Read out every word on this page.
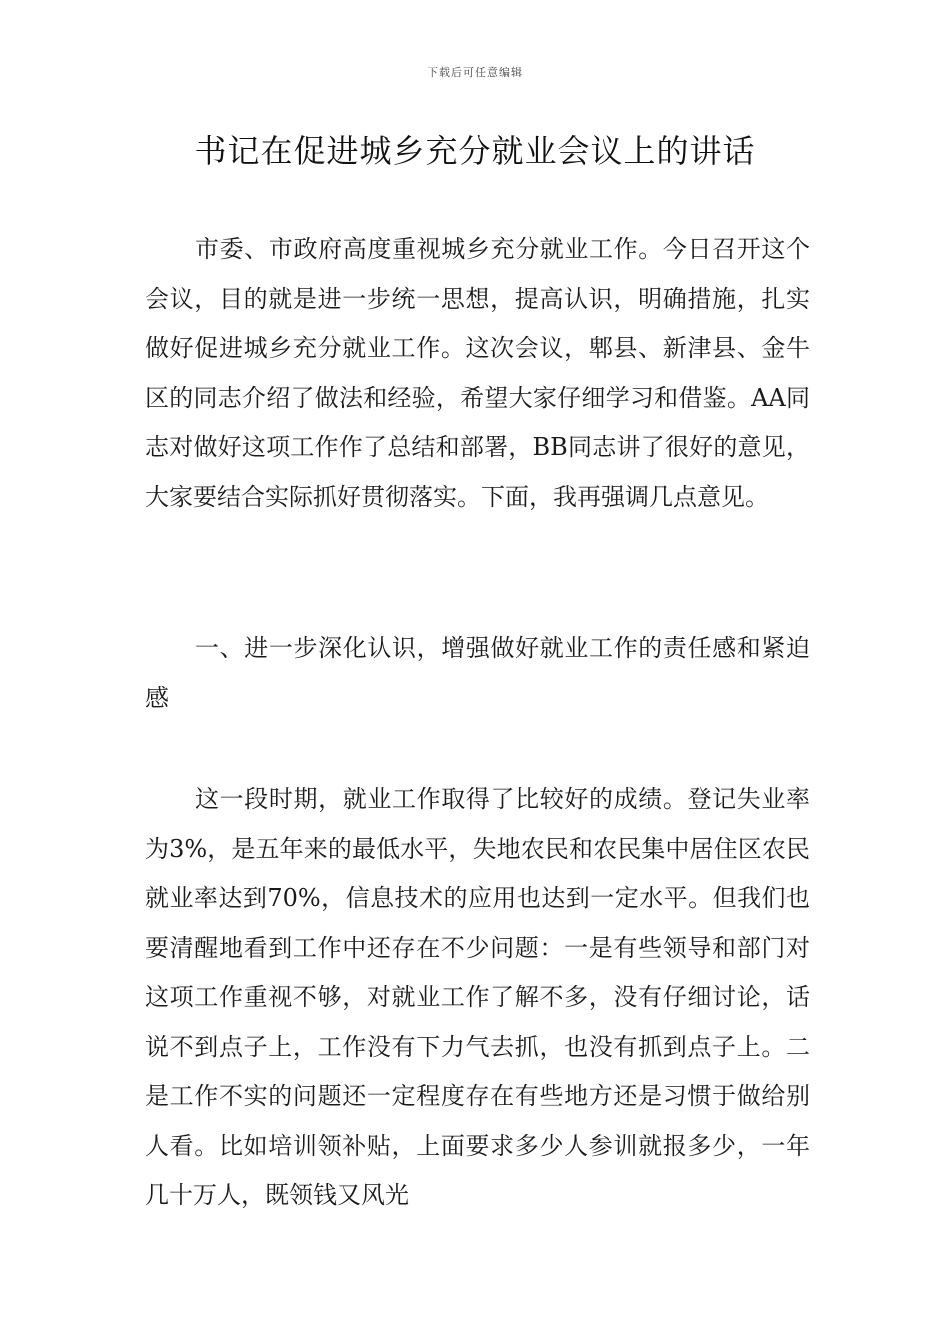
下载后可任意编辑
书记在促进城乡充分就业会议上的讲话

市委、市政府高度重视城乡充分就业工作。今日召开这个会议，目的就是进一步统一思想，提高认识，明确措施，扎实做好促进城乡充分就业工作。这次会议，郫县、新津县、金牛区的同志介绍了做法和经验，希望大家仔细学习和借鉴。AA同志对做好这项工作作了总结和部署，BB同志讲了很好的意见，大家要结合实际抓好贯彻落实。下面，我再强调几点意见。

一、进一步深化认识，增强做好就业工作的责任感和紧迫感

这一段时期，就业工作取得了比较好的成绩。登记失业率为3%，是五年来的最低水平，失地农民和农民集中居住区农民就业率达到70%，信息技术的应用也达到一定水平。但我们也要清醒地看到工作中还存在不少问题：一是有些领导和部门对这项工作重视不够，对就业工作了解不多，没有仔细讨论，话说不到点子上，工作没有下力气去抓，也没有抓到点子上。二是工作不实的问题还一定程度存在有些地方还是习惯于做给别人看。比如培训领补贴，上面要求多少人参训就报多少，一年几十万人，既领钱又风光
